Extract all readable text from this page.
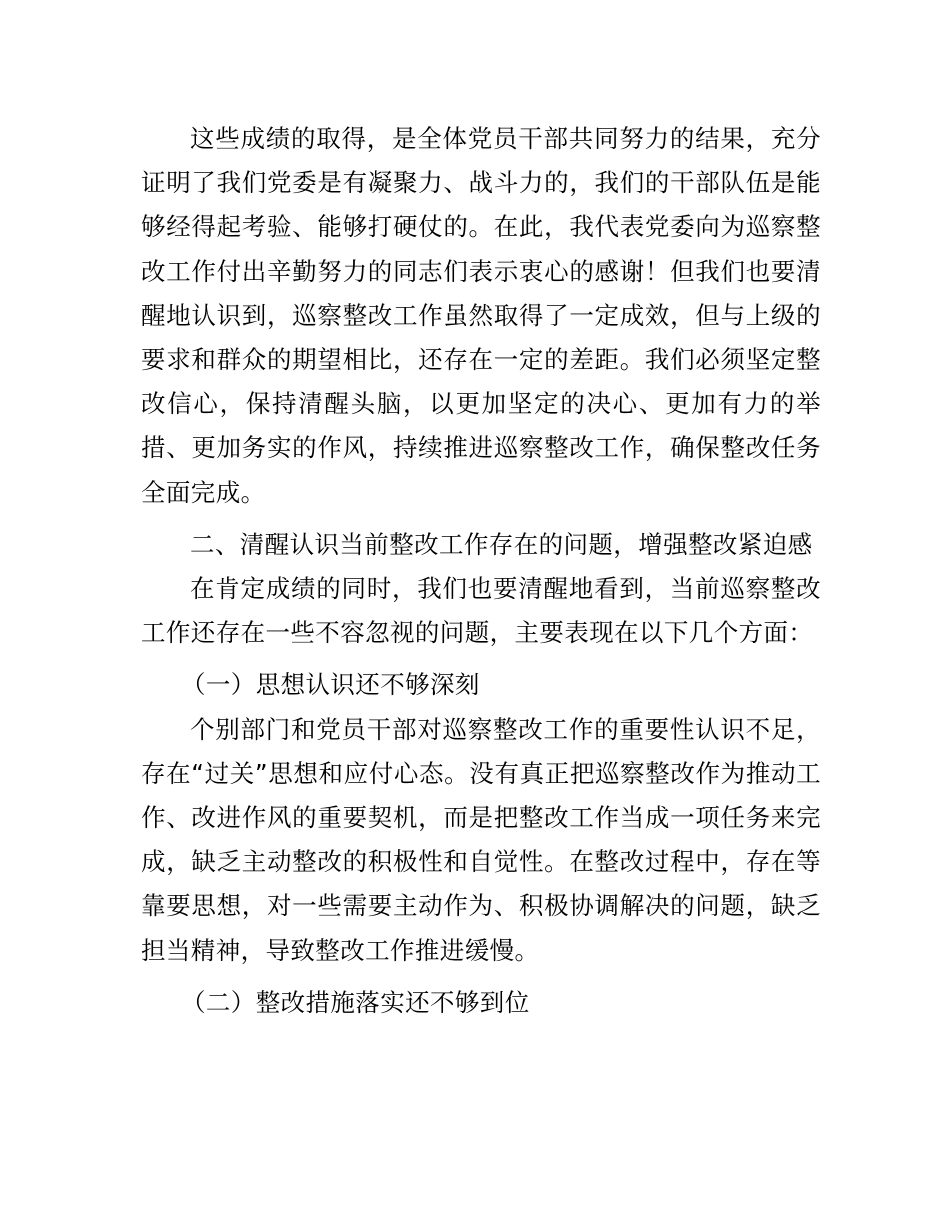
这些成绩的取得，是全体党员干部共同努力的结果，充分证明了我们党委是有凝聚力、战斗力的，我们的干部队伍是能够经得起考验、能够打硬仗的。在此，我代表党委向为巡察整改工作付出辛勤努力的同志们表示衷心的感谢！但我们也要清醒地认识到，巡察整改工作虽然取得了一定成效，但与上级的要求和群众的期望相比，还存在一定的差距。我们必须坚定整改信心，保持清醒头脑，以更加坚定的决心、更加有力的举措、更加务实的作风，持续推进巡察整改工作，确保整改任务全面完成。

二、清醒认识当前整改工作存在的问题，增强整改紧迫感

在肯定成绩的同时，我们也要清醒地看到，当前巡察整改工作还存在一些不容忽视的问题，主要表现在以下几个方面：

（一）思想认识还不够深刻

个别部门和党员干部对巡察整改工作的重要性认识不足，存在“过关”思想和应付心态。没有真正把巡察整改作为推动工作、改进作风的重要契机，而是把整改工作当成一项任务来完成，缺乏主动整改的积极性和自觉性。在整改过程中，存在等靠要思想，对一些需要主动作为、积极协调解决的问题，缺乏担当精神，导致整改工作推进缓慢。

（二）整改措施落实还不够到位
